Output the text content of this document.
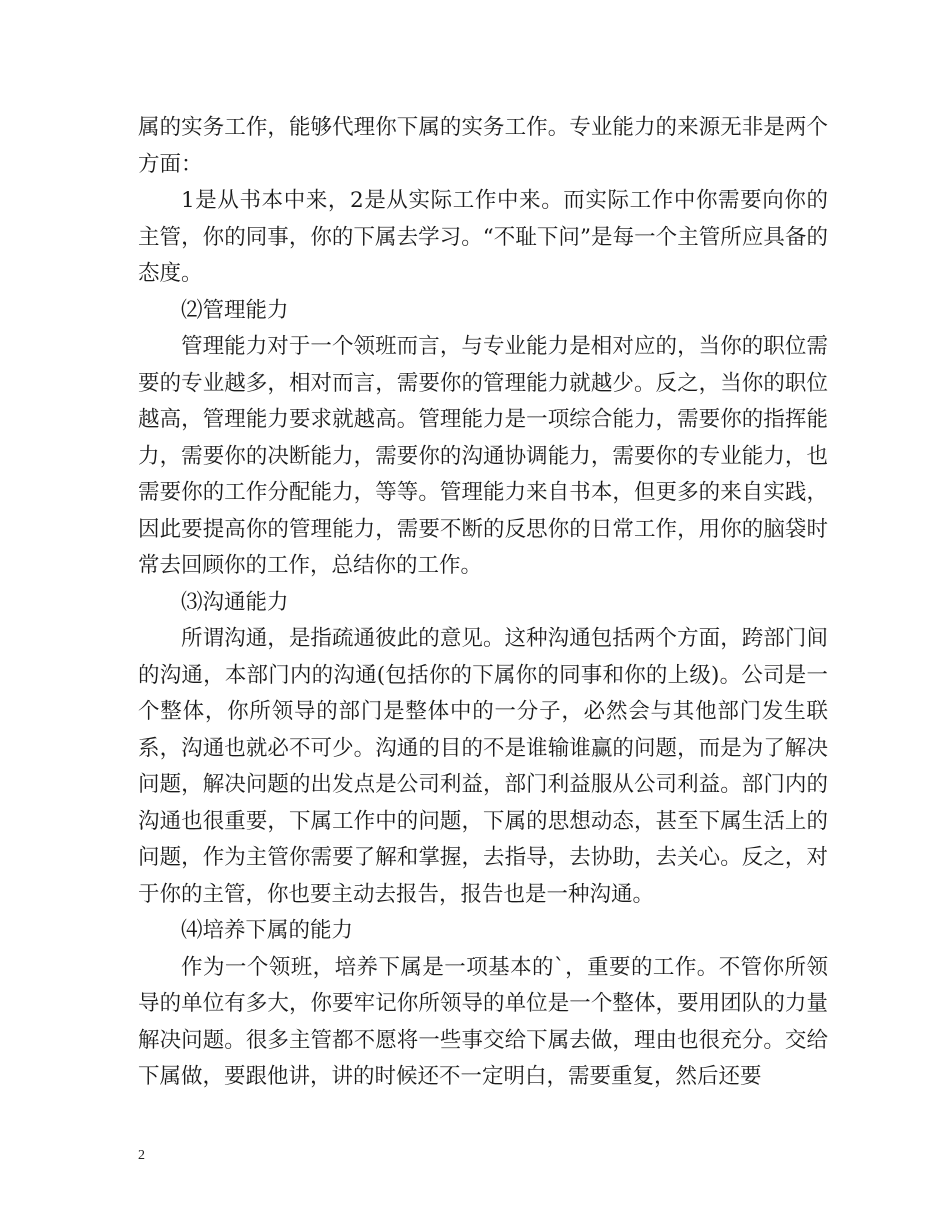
属的实务工作，能够代理你下属的实务工作。专业能力的来源无非是两个方面：

1是从书本中来，2是从实际工作中来。而实际工作中你需要向你的主管，你的同事，你的下属去学习。“不耻下问”是每一个主管所应具备的态度。

⑵管理能力

管理能力对于一个领班而言，与专业能力是相对应的，当你的职位需要的专业越多，相对而言，需要你的管理能力就越少。反之，当你的职位越高，管理能力要求就越高。管理能力是一项综合能力，需要你的指挥能力，需要你的决断能力，需要你的沟通协调能力，需要你的专业能力，也需要你的工作分配能力，等等。管理能力来自书本，但更多的来自实践，因此要提高你的管理能力，需要不断的反思你的日常工作，用你的脑袋时常去回顾你的工作，总结你的工作。

⑶沟通能力

所谓沟通，是指疏通彼此的意见。这种沟通包括两个方面，跨部门间的沟通，本部门内的沟通(包括你的下属你的同事和你的上级)。公司是一个整体，你所领导的部门是整体中的一分子，必然会与其他部门发生联系，沟通也就必不可少。沟通的目的不是谁输谁赢的问题，而是为了解决问题，解决问题的出发点是公司利益，部门利益服从公司利益。部门内的沟通也很重要，下属工作中的问题，下属的思想动态，甚至下属生活上的问题，作为主管你需要了解和掌握，去指导，去协助，去关心。反之，对于你的主管，你也要主动去报告，报告也是一种沟通。

⑷培养下属的能力

作为一个领班，培养下属是一项基本的`，重要的工作。不管你所领导的单位有多大，你要牢记你所领导的单位是一个整体，要用团队的力量解决问题。很多主管都不愿将一些事交给下属去做，理由也很充分。交给下属做，要跟他讲，讲的时候还不一定明白，需要重复，然后还要

2
